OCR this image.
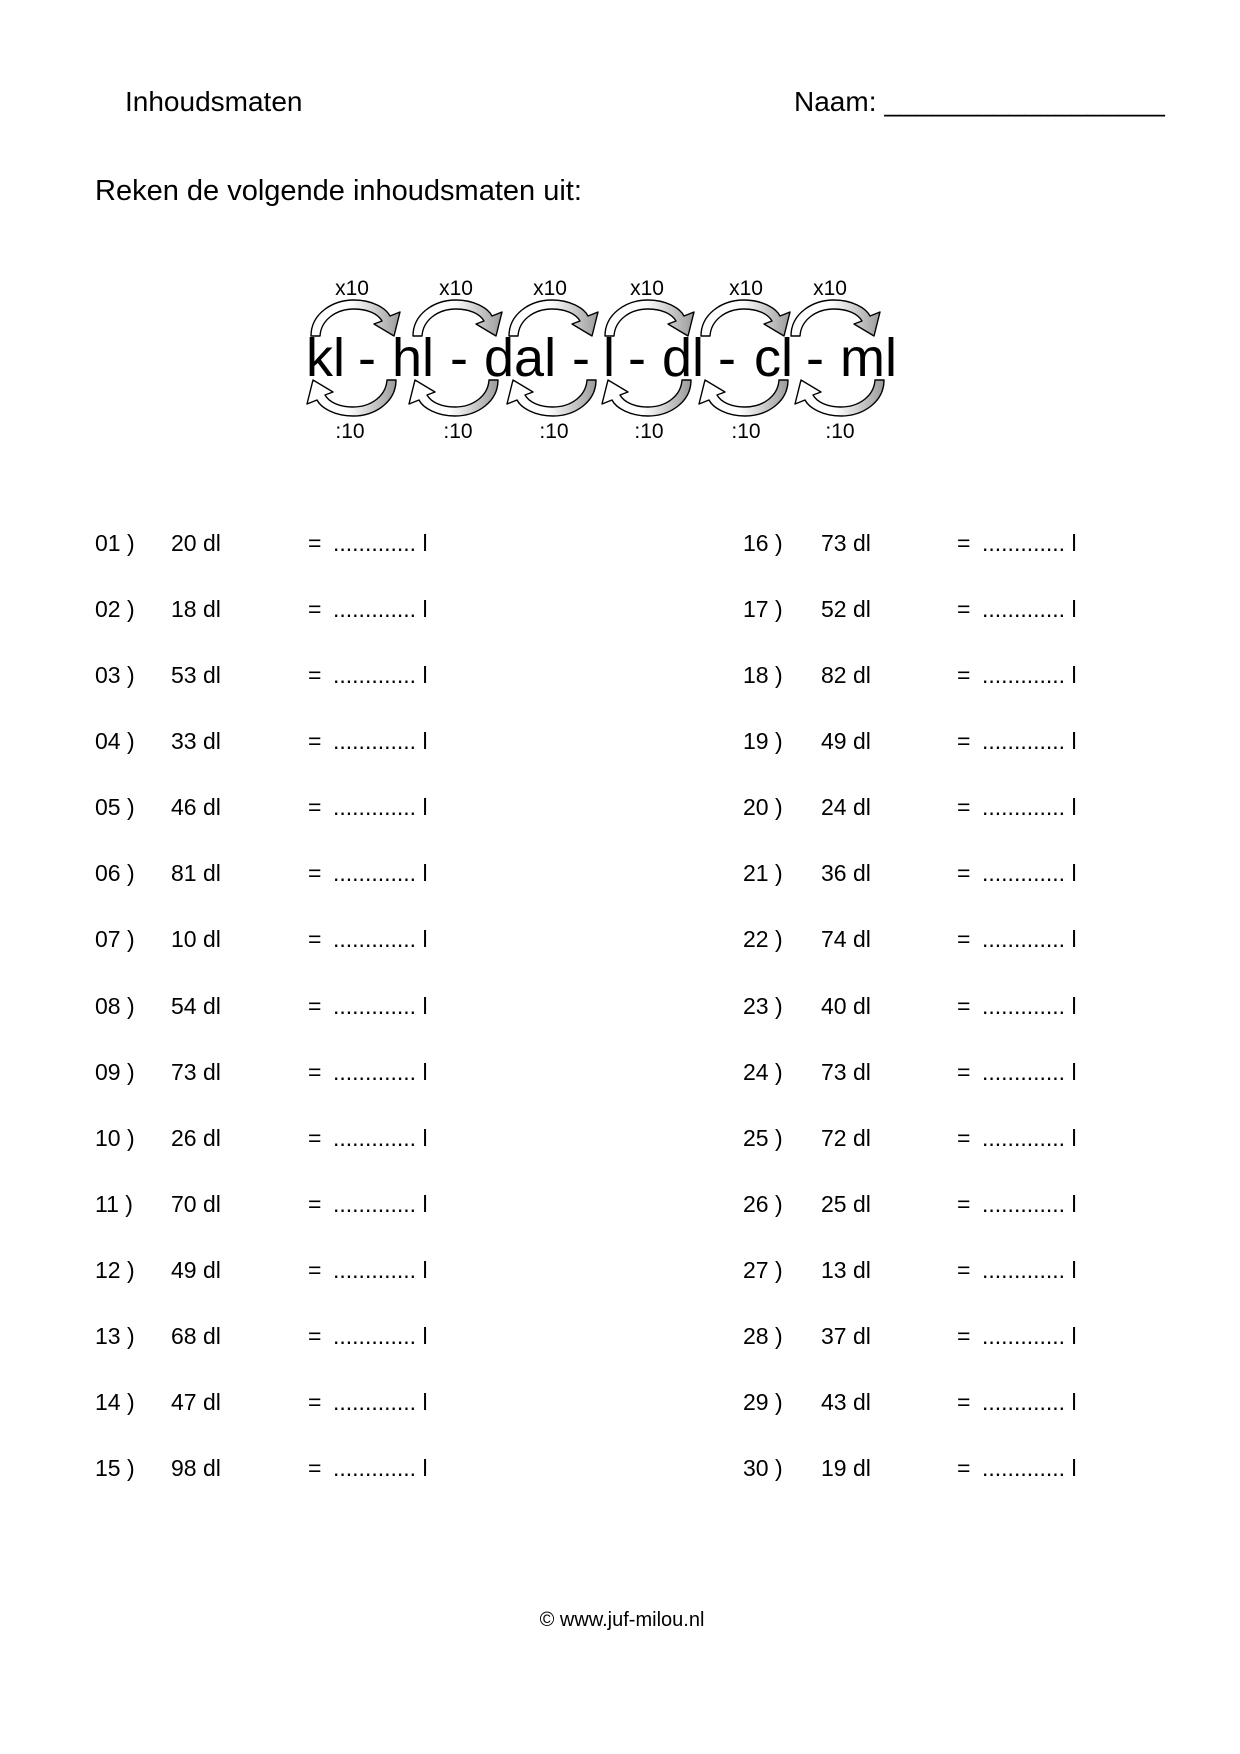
Inhoudsmaten	Naam: __________________
Reken de volgende inhoudsmaten uit:
kl hl dal l dl cl ml
- - - - - -
x10	x10	x10	x10	x10 x10
:10	:10	:10	:10	:10	:10
01 ) 20 dl	= ............. l
02 ) 18 dl	= ............. l
03 ) 53 dl	= ............. l
04 ) 33 dl	= ............. l
05 ) 46 dl	= ............. l
06 ) 81 dl	= ............. l
07 ) 10 dl	= ............. l
08 ) 54 dl	= ............. l
09 ) 73 dl	= ............. l
10 ) 26 dl	= ............. l
11 ) 70 dl	= ............. l
12 ) 49 dl	= ............. l
13 ) 68 dl	= ............. l
14 ) 47 dl	= ............. l
15 ) 98 dl	= ............. l
16 ) 73 dl	= ............. l
17 ) 52 dl	= ............. l
18 ) 82 dl	= ............. l
19 ) 49 dl	= ............. l
20 ) 24 dl	= ............. l
21 ) 36 dl	= ............. l
22 ) 74 dl	= ............. l
23 ) 40 dl	= ............. l
24 ) 73 dl	= ............. l
25 ) 72 dl	= ............. l
26 ) 25 dl	= ............. l
27 ) 13 dl	= ............. l
28 ) 37 dl	= ............. l
29 ) 43 dl	= ............. l
30 ) 19 dl	= ............. l
© www.juf-milou.nl
